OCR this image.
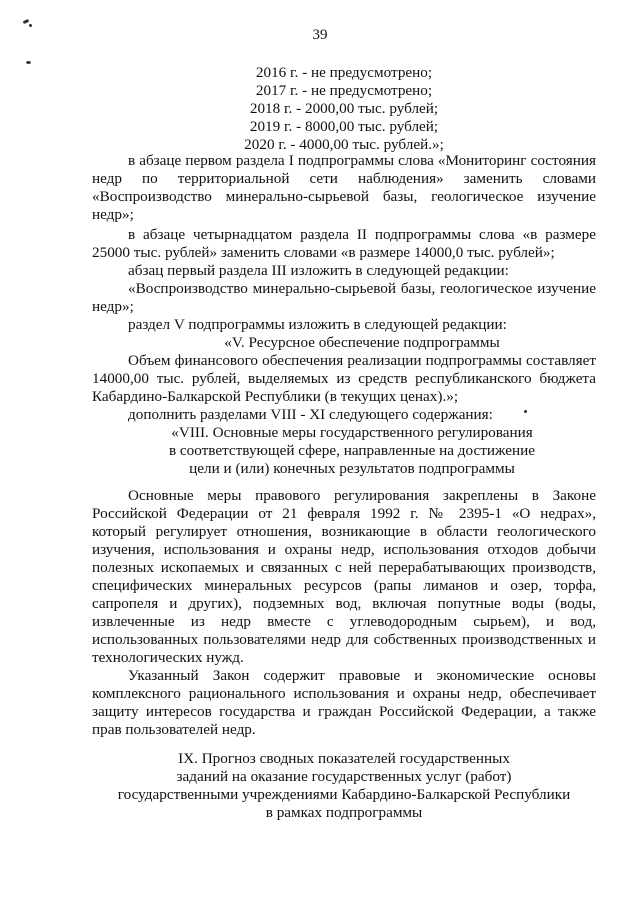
39
2016 г. - не предусмотрено;
2017 г. - не предусмотрено;
2018 г. - 2000,00 тыс. рублей;
2019 г. - 8000,00 тыс. рублей;
2020 г. - 4000,00 тыс. рублей.»;
в абзаце первом раздела I подпрограммы слова «Мониторинг состояния
недр по территориальной сети наблюдения» заменить словами
«Воспроизводство минерально-сырьевой базы, геологическое изучение
недр»;
в абзаце четырнадцатом раздела II подпрограммы слова «в размере
25000 тыс. рублей» заменить словами «в размере 14000,0 тыс. рублей»;
абзац первый раздела III изложить в следующей редакции:
«Воспроизводство минерально-сырьевой базы, геологическое изучение
недр»;
раздел V подпрограммы изложить в следующей редакции:
«V. Ресурсное обеспечение подпрограммы
Объем финансового обеспечения реализации подпрограммы составляет
14000,00 тыс. рублей, выделяемых из средств республиканского бюджета
Кабардино-Балкарской Республики (в текущих ценах).»;
дополнить разделами VIII - XI следующего содержания:
«VIII. Основные меры государственного регулирования
в соответствующей сфере, направленные на достижение
цели и (или) конечных результатов подпрограммы
Основные меры правового регулирования закреплены в Законе
Российской Федерации от 21 февраля 1992 г. № 2395-1 «О недрах»,
который регулирует отношения, возникающие в области геологического
изучения, использования и охраны недр, использования отходов добычи
полезных ископаемых и связанных с ней перерабатывающих производств,
специфических минеральных ресурсов (рапы лиманов и озер, торфа,
сапропеля и других), подземных вод, включая попутные воды (воды,
извлеченные из недр вместе с углеводородным сырьем), и вод,
использованных пользователями недр для собственных производственных и
технологических нужд.
Указанный Закон содержит правовые и экономические основы
комплексного рационального использования и охраны недр, обеспечивает
защиту интересов государства и граждан Российской Федерации, а также
прав пользователей недр.
IX. Прогноз сводных показателей государственных
заданий на оказание государственных услуг (работ)
государственными учреждениями Кабардино-Балкарской Республики
в рамках подпрограммы
